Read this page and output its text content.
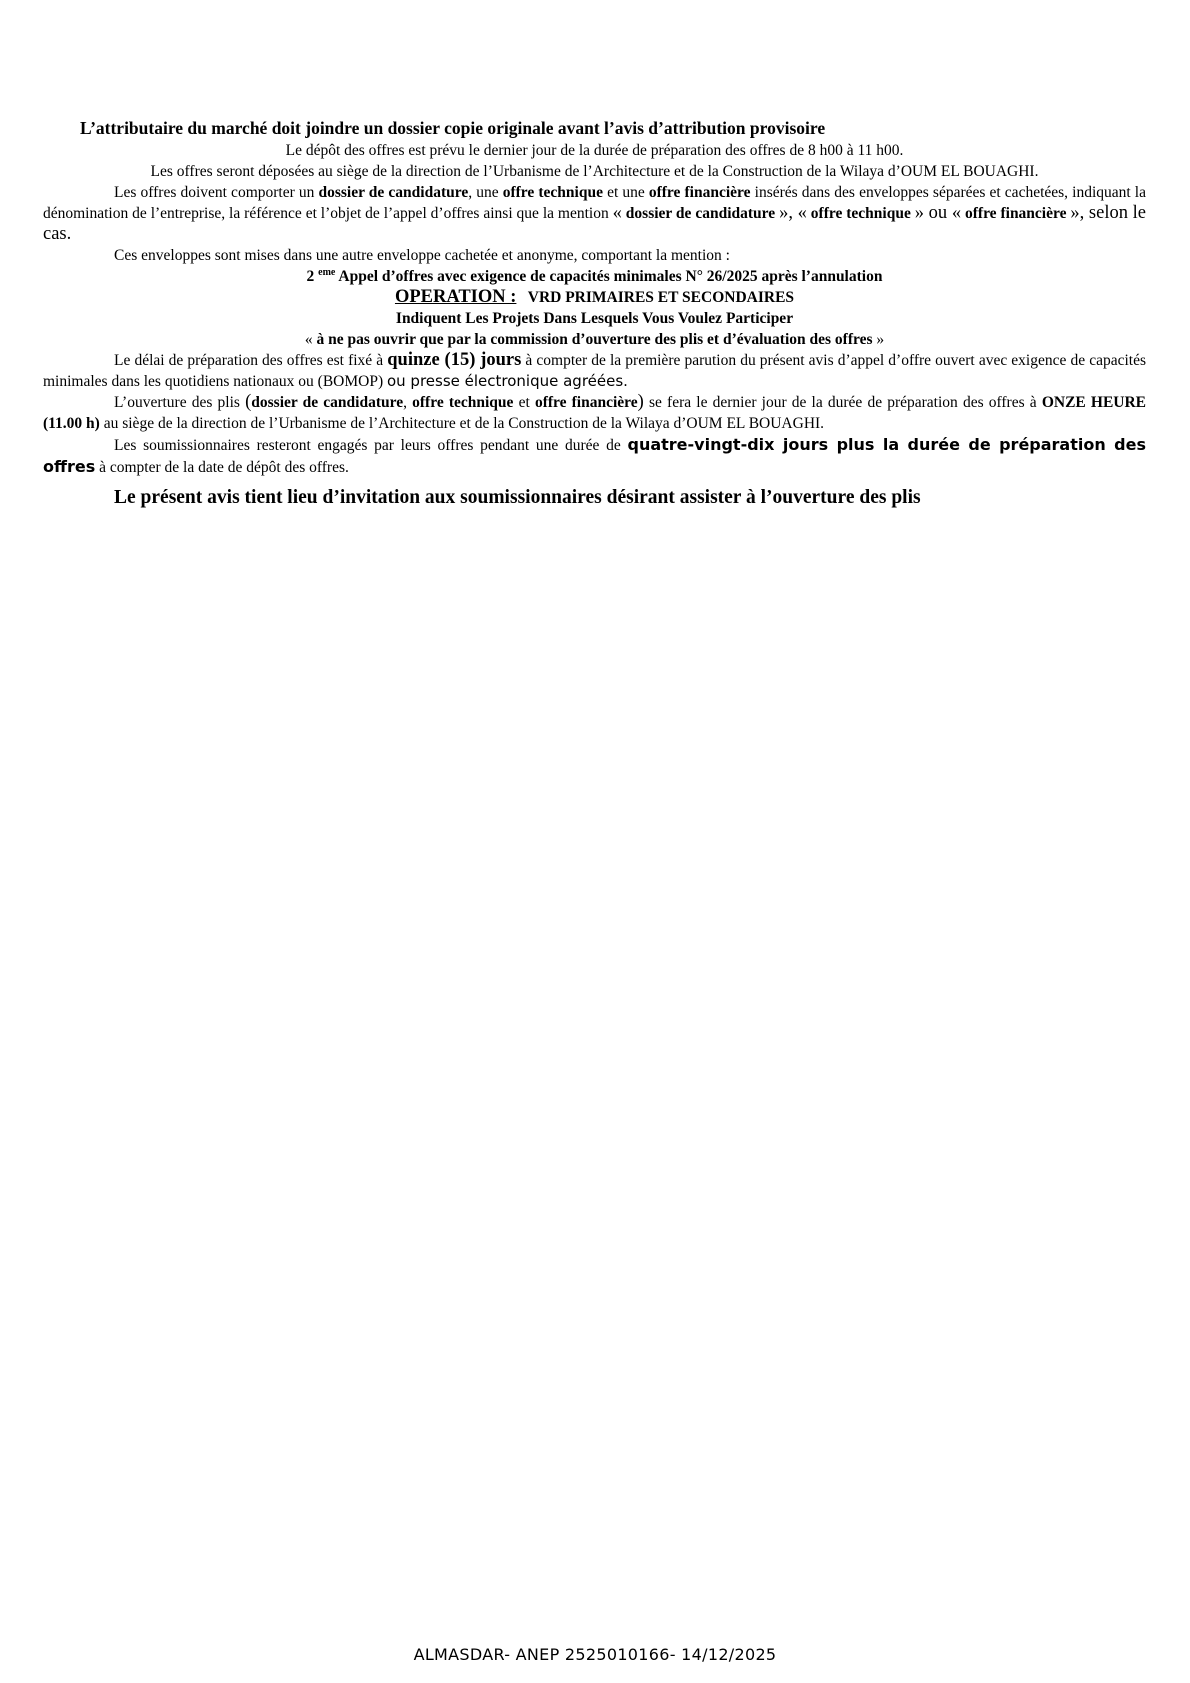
L’attributaire du marché doit joindre un dossier copie originale avant l’avis d’attribution provisoire

Le dépôt des offres est prévu le dernier jour de la durée de préparation des offres de 8 h00 à 11 h00.

Les offres seront déposées au siège de la direction de l’Urbanisme de l’Architecture et de la Construction de la Wilaya d’OUM EL BOUAGHI.

Les offres doivent comporter un dossier de candidature, une offre technique et une offre financière insérés dans des enveloppes séparées et cachetées, indiquant la dénomination de l’entreprise, la référence et l’objet de l’appel d’offres ainsi que la mention « dossier de candidature », « offre technique » ou « offre financière », selon le cas.

Ces enveloppes sont mises dans une autre enveloppe cachetée et anonyme, comportant la mention :

2 $^{eme}$ Appel d’offres avec exigence de capacités minimales N° 26/2025 après l’annulation

OPERATION :   VRD PRIMAIRES ET SECONDAIRES

Indiquent Les Projets Dans Lesquels Vous Voulez Participer

« à ne pas ouvrir que par la commission d’ouverture des plis et d’évaluation des offres »

Le délai de préparation des offres est fixé à quinze (15) jours à compter de la première parution du présent avis d’appel d’offre ouvert avec exigence de capacités minimales dans les quotidiens nationaux ou (BOMOP) ou presse électronique agréées.

L’ouverture des plis (dossier de candidature, offre technique et offre financière) se fera le dernier jour de la durée de préparation des offres à ONZE HEURE (11.00 h) au siège de la direction de l’Urbanisme de l’Architecture et de la Construction de la Wilaya d’OUM EL BOUAGHI.

Les soumissionnaires resteront engagés par leurs offres pendant une durée de quatre-vingt-dix jours plus la durée de préparation des offres à compter de la date de dépôt des offres.

Le présent avis tient lieu d’invitation aux soumissionnaires désirant assister à l’ouverture des plis

ALMASDAR- ANEP 2525010166- 14/12/2025
